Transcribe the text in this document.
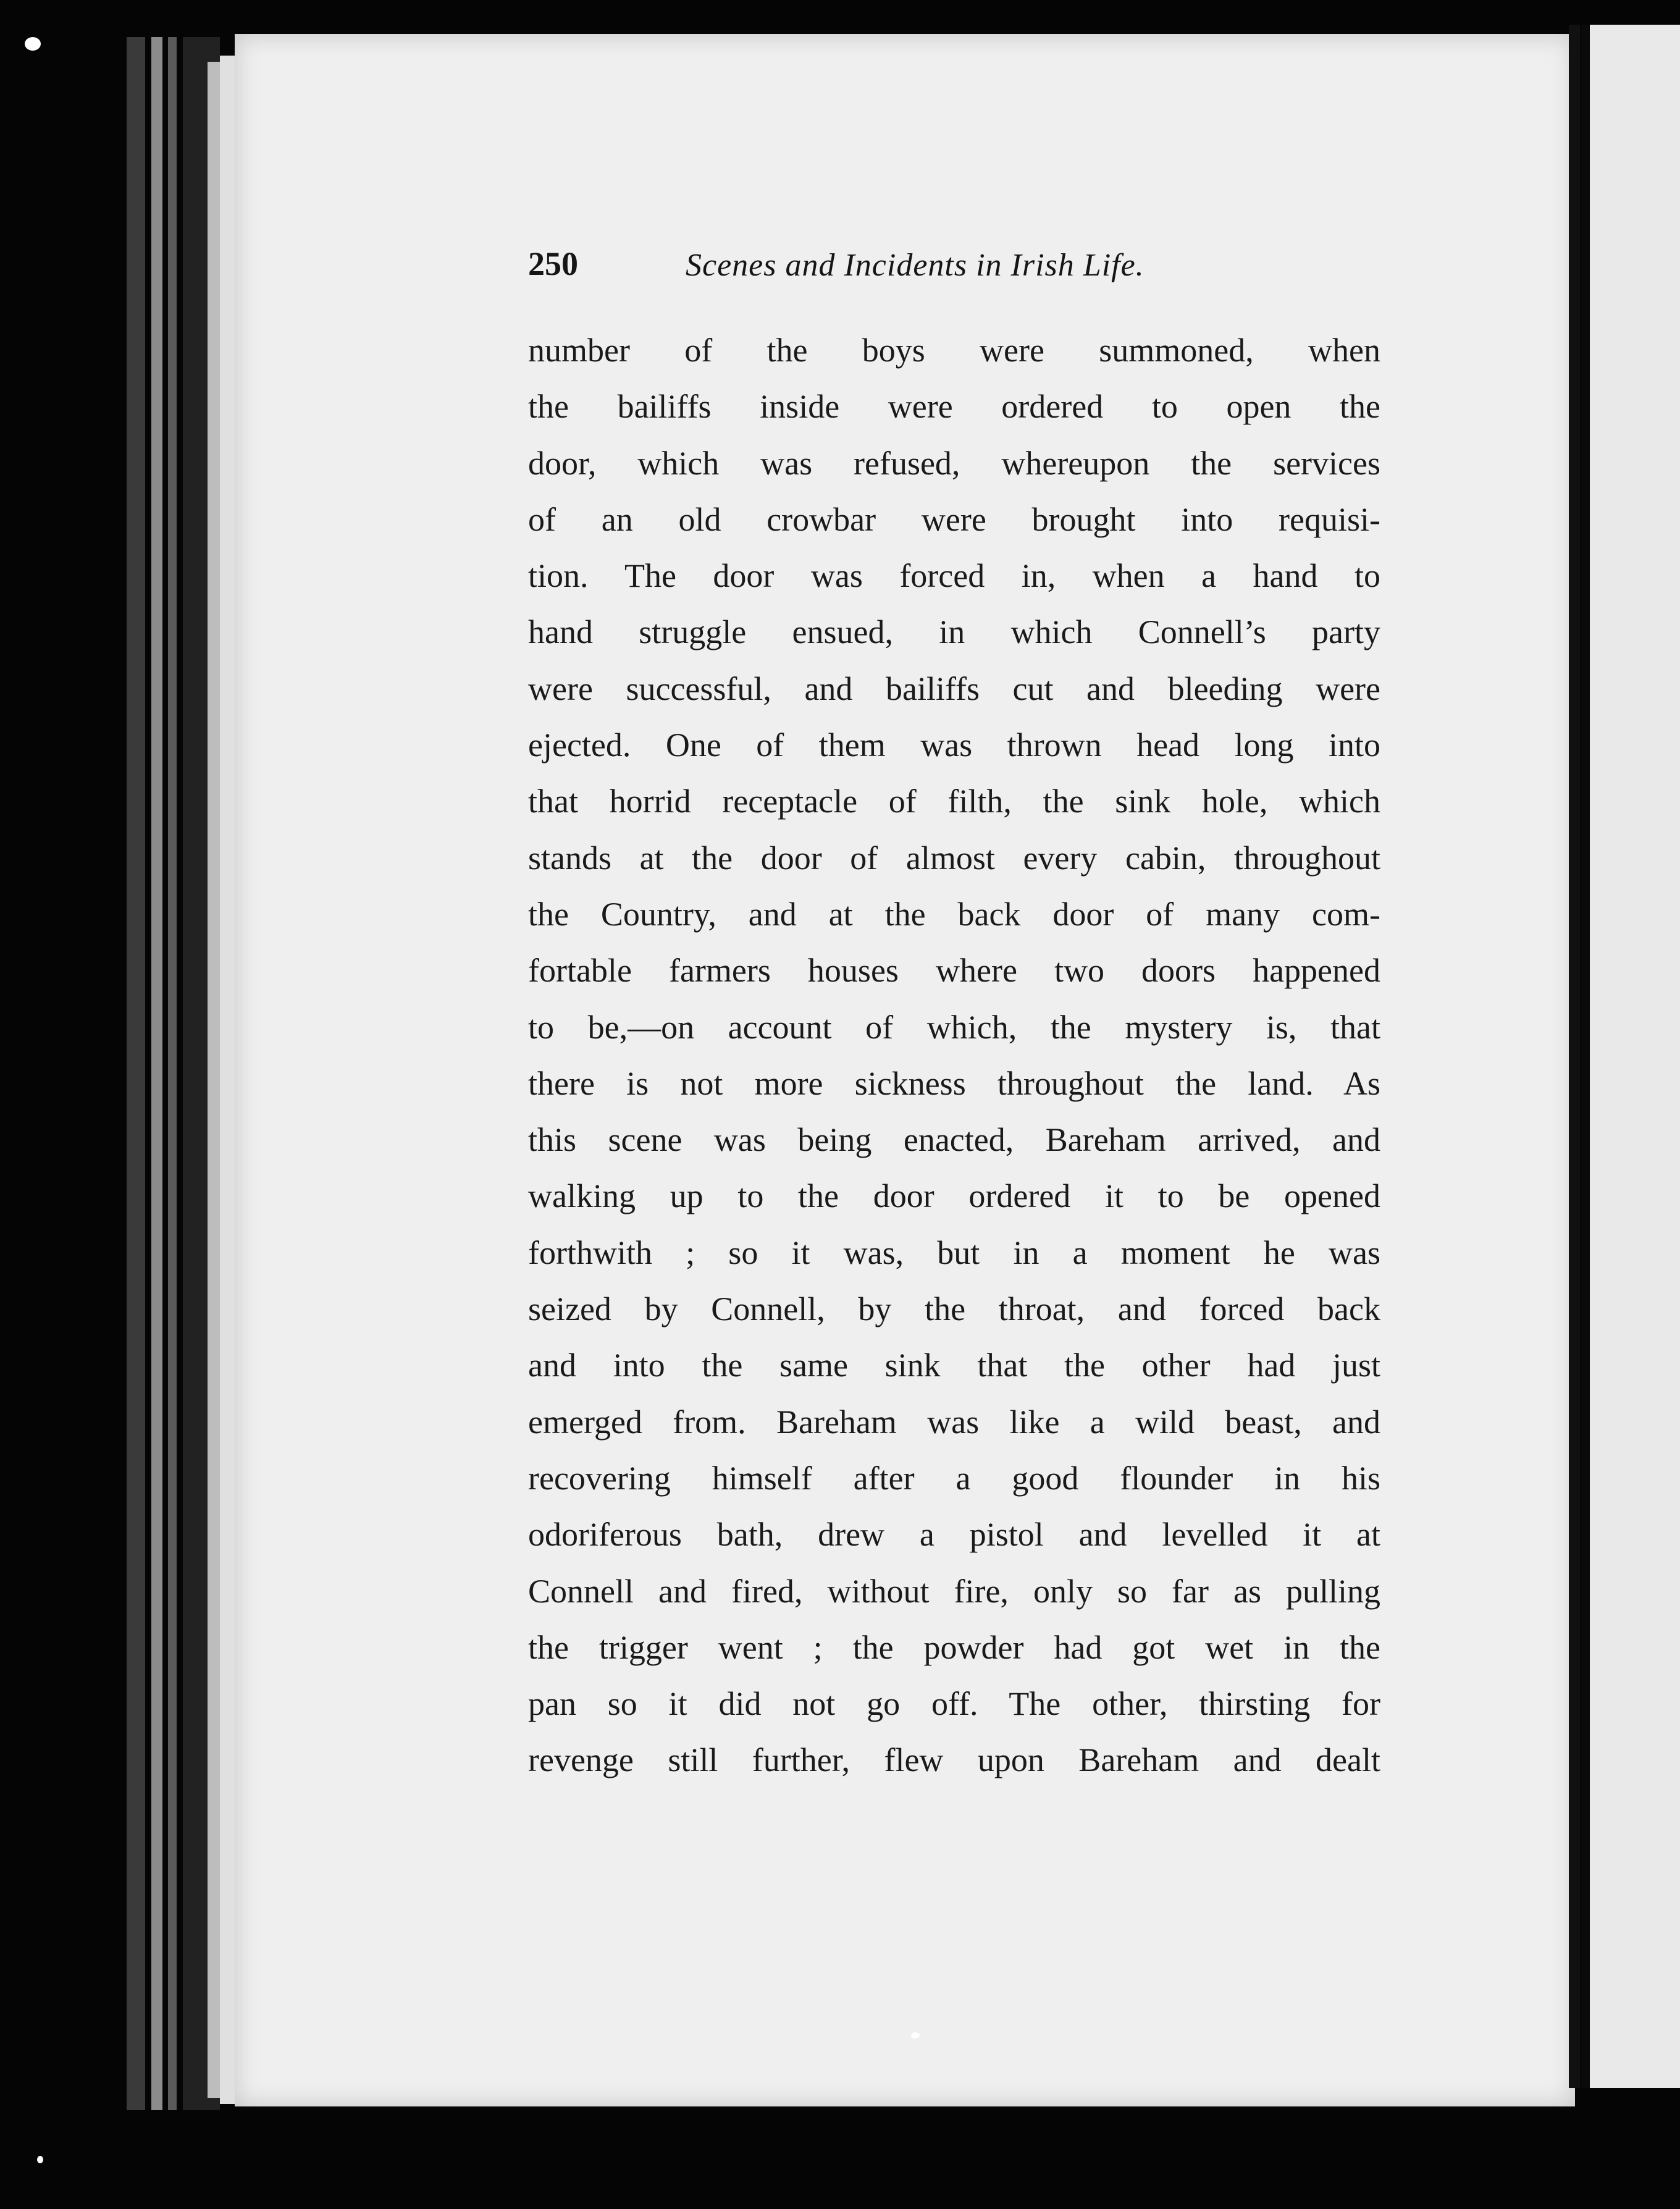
250	Scenes and Incidents in Irish Life.
number of the boys were summoned, when
the bailiffs inside were ordered to open the
door, which was refused, whereupon the services
of an old crowbar were brought into requisi-
tion. The door was forced in, when a hand to
hand struggle ensued, in which Connell’s party
were successful, and bailiffs cut and bleeding were
ejected. One of them was thrown head long into
that horrid receptacle of filth, the sink hole, which
stands at the door of almost every cabin, throughout
the Country, and at the back door of many com-
fortable farmers houses where two doors happened
to be,—on account of which, the mystery is, that
there is not more sickness throughout the land. As
this scene was being enacted, Bareham arrived, and
walking up to the door ordered it to be opened
forthwith ; so it was, but in a moment he was
seized by Connell, by the throat, and forced back
and into the same sink that the other had just
emerged from. Bareham was like a wild beast, and
recovering himself after a good flounder in his
odoriferous bath, drew a pistol and levelled it at
Connell and fired, without fire, only so far as pulling
the trigger went ; the powder had got wet in the
pan so it did not go off. The other, thirsting for
revenge still further, flew upon Bareham and dealt
